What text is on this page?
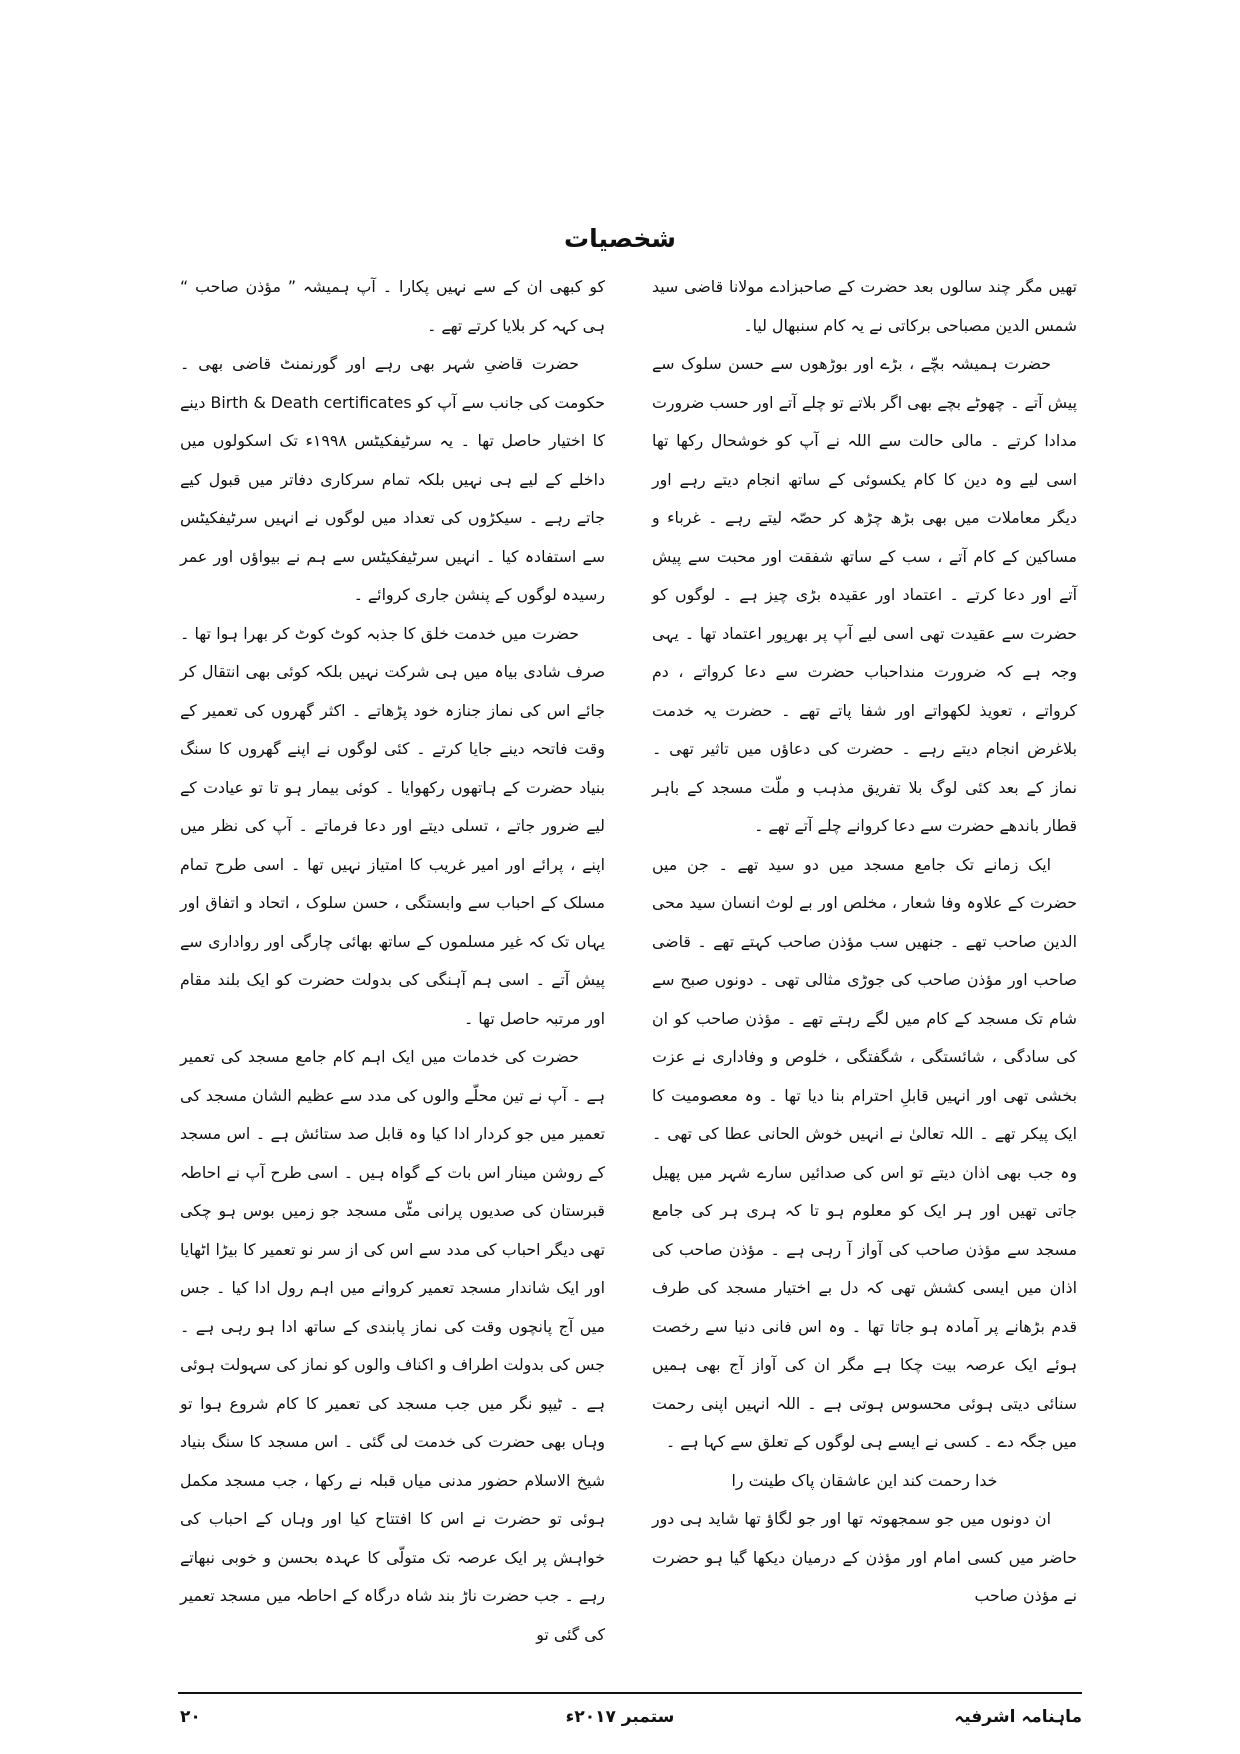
شخصیات

تھیں مگر چند سالوں بعد حضرت کے صاحبزادے مولانا قاضی سید شمس الدین مصباحی برکاتی نے یہ کام سنبھال لیا۔

حضرت ہمیشہ بچّے ، بڑے اور بوڑھوں سے حسن سلوک سے پیش آتے ۔ چھوٹے بچے بھی اگر بلاتے تو چلے آتے اور حسب ضرورت مدادا کرتے ۔ مالی حالت سے اللہ نے آپ کو خوشحال رکھا تھا اسی لیے وہ دین کا کام یکسوئی کے ساتھ انجام دیتے رہے اور دیگر معاملات میں بھی بڑھ چڑھ کر حصّہ لیتے رہے ۔ غرباء و مساکین کے کام آتے ، سب کے ساتھ شفقت اور محبت سے پیش آتے اور دعا کرتے ۔ اعتماد اور عقیدہ بڑی چیز ہے ۔ لوگوں کو حضرت سے عقیدت تھی اسی لیے آپ پر بھرپور اعتماد تھا ۔ یہی وجہ ہے کہ ضرورت منداحباب حضرت سے دعا کرواتے ، دم کرواتے ، تعویذ لکھواتے اور شفا پاتے تھے ۔ حضرت یہ خدمت بلاغرض انجام دیتے رہے ۔ حضرت کی دعاؤں میں تاثیر تھی ۔ نماز کے بعد کئی لوگ بلا تفریق مذہب و ملّت مسجد کے باہر قطار باندھے حضرت سے دعا کروانے چلے آتے تھے ۔

ایک زمانے تک جامع مسجد میں دو سید تھے ۔ جن میں حضرت کے علاوہ وفا شعار ، مخلص اور بے لوث انسان سید محی الدین صاحب تھے ۔ جنھیں سب مؤذن صاحب کہتے تھے ۔ قاضی صاحب اور مؤذن صاحب کی جوڑی مثالی تھی ۔ دونوں صبح سے شام تک مسجد کے کام میں لگے رہتے تھے ۔ مؤذن صاحب کو ان کی سادگی ، شائستگی ، شگفتگی ، خلوص و وفاداری نے عزت بخشی تھی اور انہیں قابلِ احترام بنا دیا تھا ۔ وہ معصومیت کا ایک پیکر تھے ۔ اللہ تعالیٰ نے انہیں خوش الحانی عطا کی تھی ۔ وہ جب بھی اذان دیتے تو اس کی صدائیں سارے شہر میں پھیل جاتی تھیں اور ہر ایک کو معلوم ہو تا کہ ہری ہر کی جامع مسجد سے مؤذن صاحب کی آواز آ رہی ہے ۔ مؤذن صاحب کی اذان میں ایسی کشش تھی کہ دل بے اختیار مسجد کی طرف قدم بڑھانے پر آمادہ ہو جاتا تھا ۔ وہ اس فانی دنیا سے رخصت ہوئے ایک عرصہ بیت چکا ہے مگر ان کی آواز آج بھی ہمیں سنائی دیتی ہوئی محسوس ہوتی ہے ۔ اللہ انہیں اپنی رحمت میں جگہ دے ۔ کسی نے ایسے ہی لوگوں کے تعلق سے کہا ہے ۔

خدا رحمت کند این عاشقان پاک طینت را

ان دونوں میں جو سمجھوتہ تھا اور جو لگاؤ تھا شاید ہی دور حاضر میں کسی امام اور مؤذن کے درمیان دیکھا گیا ہو حضرت نے مؤذن صاحب

کو کبھی ان کے سے نہیں پکارا ۔ آپ ہمیشہ ” مؤذن صاحب “ ہی کہہ کر بلایا کرتے تھے ۔

حضرت قاضیِ شہر بھی رہے اور گورنمنٹ قاضی بھی ۔ حکومت کی جانب سے آپ کو Birth & Death certificates دینے کا اختیار حاصل تھا ۔ یہ سرٹیفکیٹس ۱۹۹۸ء تک اسکولوں میں داخلے کے لیے ہی نہیں بلکہ تمام سرکاری دفاتر میں قبول کیے جاتے رہے ۔ سیکڑوں کی تعداد میں لوگوں نے انہیں سرٹیفکیٹس سے استفادہ کیا ۔ انہیں سرٹیفکیٹس سے ہم نے بیواؤں اور عمر رسیدہ لوگوں کے پنشن جاری کروائے ۔

حضرت میں خدمت خلق کا جذبہ کوٹ کوٹ کر بھرا ہوا تھا ۔ صرف شادی بیاہ میں ہی شرکت نہیں بلکہ کوئی بھی انتقال کر جائے اس کی نماز جنازہ خود پڑھاتے ۔ اکثر گھروں کی تعمیر کے وقت فاتحہ دینے جایا کرتے ۔ کئی لوگوں نے اپنے گھروں کا سنگ بنیاد حضرت کے ہاتھوں رکھوایا ۔ کوئی بیمار ہو تا تو عیادت کے لیے ضرور جاتے ، تسلی دیتے اور دعا فرماتے ۔ آپ کی نظر میں اپنے ، پرائے اور امیر غریب کا امتیاز نہیں تھا ۔ اسی طرح تمام مسلک کے احباب سے وابستگی ، حسن سلوک ، اتحاد و اتفاق اور یہاں تک کہ غیر مسلموں کے ساتھ بھائی چارگی اور رواداری سے پیش آتے ۔ اسی ہم آہنگی کی بدولت حضرت کو ایک بلند مقام اور مرتبہ حاصل تھا ۔

حضرت کی خدمات میں ایک اہم کام جامع مسجد کی تعمیر ہے ۔ آپ نے تین محلّے والوں کی مدد سے عظیم الشان مسجد کی تعمیر میں جو کردار ادا کیا وہ قابل صد ستائش ہے ۔ اس مسجد کے روشن مینار اس بات کے گواہ ہیں ۔ اسی طرح آپ نے احاطہ قبرستان کی صدیوں پرانی مٹّی مسجد جو زمیں بوس ہو چکی تھی دیگر احباب کی مدد سے اس کی از سر نو تعمیر کا بیڑا اٹھایا اور ایک شاندار مسجد تعمیر کروانے میں اہم رول ادا کیا ۔ جس میں آج پانچوں وقت کی نماز پابندی کے ساتھ ادا ہو رہی ہے ۔ جس کی بدولت اطراف و اکناف والوں کو نماز کی سہولت ہوئی ہے ۔ ٹیپو نگر میں جب مسجد کی تعمیر کا کام شروع ہوا تو وہاں بھی حضرت کی خدمت لی گئی ۔ اس مسجد کا سنگ بنیاد شیخ الاسلام حضور مدنی میاں قبلہ نے رکھا ، جب مسجد مکمل ہوئی تو حضرت نے اس کا افتتاح کیا اور وہاں کے احباب کی خواہش پر ایک عرصہ تک متولّی کا عہدہ بحسن و خوبی نبھاتے رہے ۔ جب حضرت ناڑ بند شاہ درگاہ کے احاطہ میں مسجد تعمیر کی گئی تو

ماہنامہ اشرفیہ
ستمبر ۲۰۱۷ء
۲۰
